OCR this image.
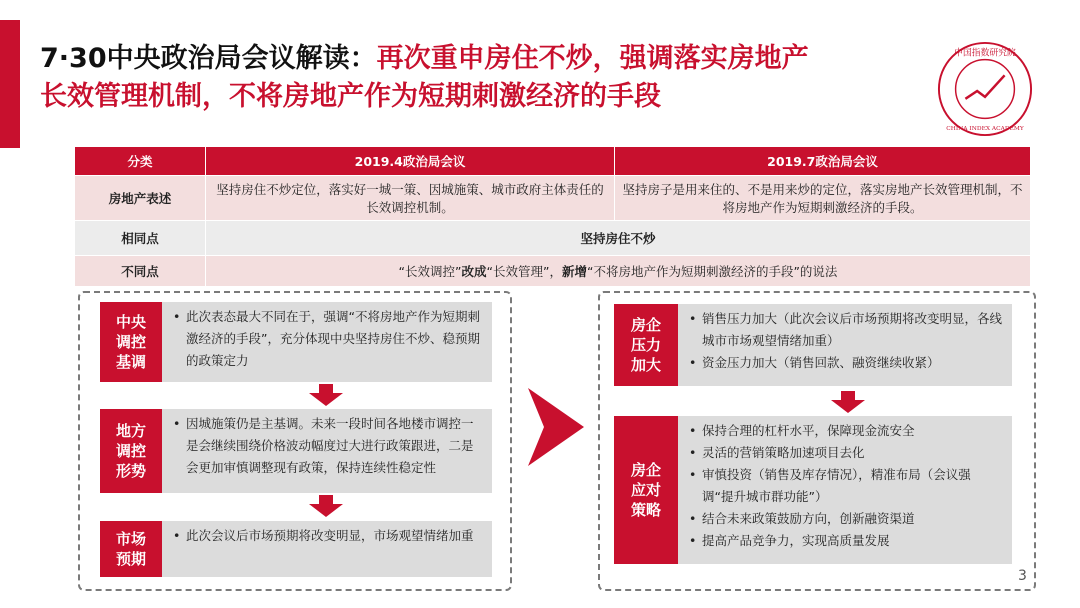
7·30中央政治局会议解读：再次重申房住不炒，强调落实房地产
长效管理机制，不将房地产作为短期刺激经济的手段
中国指数研究院
CHINA INDEX ACADEMY
分类	2019.4政治局会议	2019.7政治局会议
房地产表述	坚持房住不炒定位，落实好一城一策、因城施策、城市政府主体责任的长效调控机制。	坚持房子是用来住的、不是用来炒的定位，落实房地产长效管理机制，不将房地产作为短期刺激经济的手段。
相同点	坚持房住不炒	
不同点	“长效调控”改成“长效管理”，新增“不将房地产作为短期刺激经济的手段”的说法	
中央
调控
基调
• 此次表态最大不同在于，强调“不将房地产作为短期刺激经济的手段”，充分体现中央坚持房住不炒、稳预期的政策定力
地方
调控
形势
• 因城施策仍是主基调。未来一段时间各地楼市调控一是会继续围绕价格波动幅度过大进行政策跟进，二是会更加审慎调整现有政策，保持连续性稳定性
市场
预期
• 此次会议后市场预期将改变明显，市场观望情绪加重
房企
压力
加大
• 销售压力加大（此次会议后市场预期将改变明显，各线城市市场观望情绪加重）
• 资金压力加大（销售回款、融资继续收紧）
房企
应对
策略
• 保持合理的杠杆水平，保障现金流安全
• 灵活的营销策略加速项目去化
• 审慎投资（销售及库存情况），精准布局（会议强调“提升城市群功能”）
• 结合未来政策鼓励方向，创新融资渠道
• 提高产品竞争力，实现高质量发展
3
